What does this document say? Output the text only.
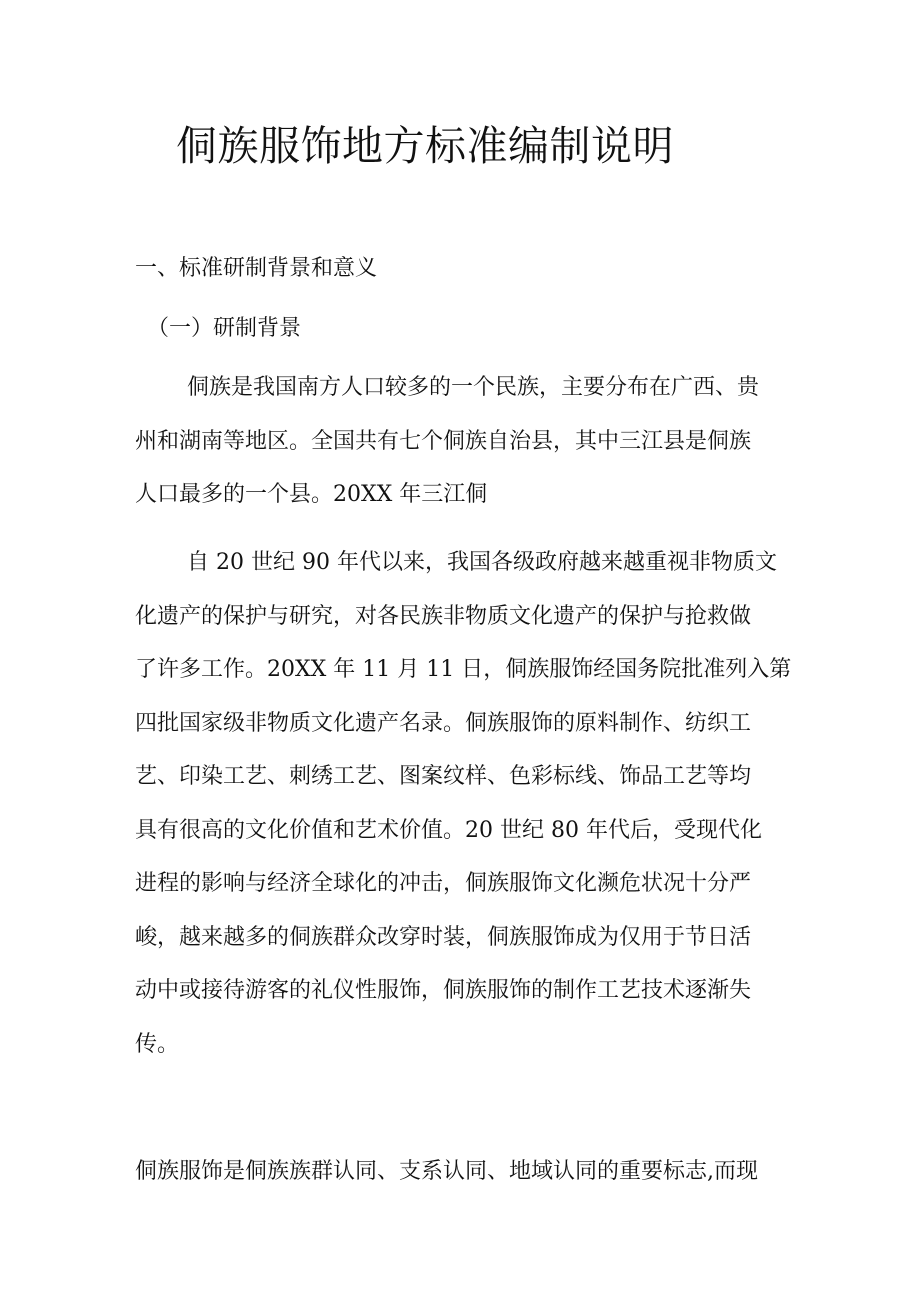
侗族服饰地方标准编制说明
一、标准研制背景和意义
（一）研制背景
侗族是我国南方人口较多的一个民族，主要分布在广西、贵
州和湖南等地区。全国共有七个侗族自治县，其中三江县是侗族
人口最多的一个县。20XX 年三江侗
自 20 世纪 90 年代以来，我国各级政府越来越重视非物质文
化遗产的保护与研究，对各民族非物质文化遗产的保护与抢救做
了许多工作。20XX 年 11 月 11 日，侗族服饰经国务院批准列入第
四批国家级非物质文化遗产名录。侗族服饰的原料制作、纺织工
艺、印染工艺、刺绣工艺、图案纹样、色彩标线、饰品工艺等均
具有很高的文化价值和艺术价值。20 世纪 80 年代后，受现代化
进程的影响与经济全球化的冲击，侗族服饰文化濒危状况十分严
峻，越来越多的侗族群众改穿时装，侗族服饰成为仅用于节日活
动中或接待游客的礼仪性服饰，侗族服饰的制作工艺技术逐渐失
传。
侗族服饰是侗族族群认同、支系认同、地域认同的重要标志,而现
